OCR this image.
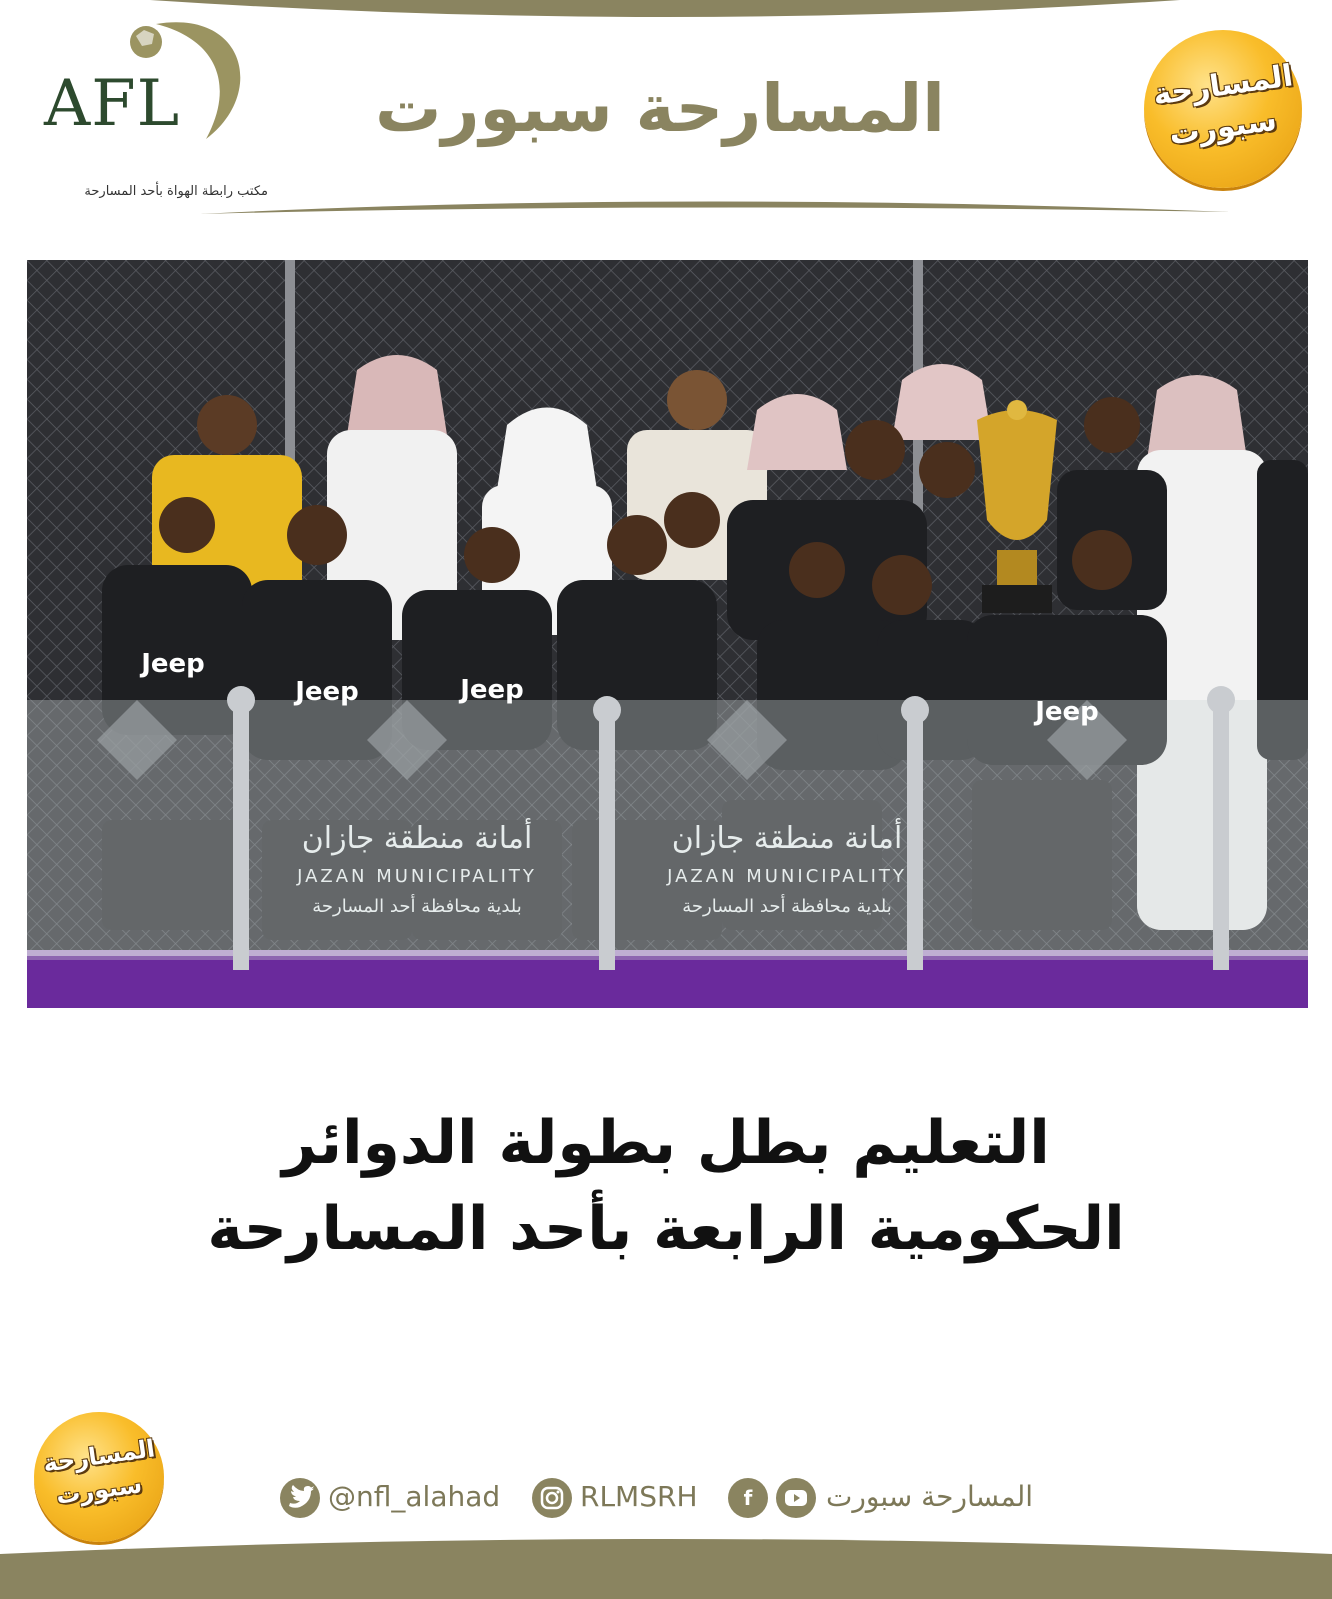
AFL
مكتب رابطة الهواة بأحد المسارحة
المسارحة سبورت	المسارحة
سبورت
Jeep
Jeep	Jeep
Jeep
أمانة منطقة جازان
JAZAN MUNICIPALITY
بلدية محافظة أحد المسارحة
أمانة منطقة جازان
JAZAN MUNICIPALITY
بلدية محافظة أحد المسارحة
التعليم بطل بطولة الدوائر
الحكومية الرابعة بأحد المسارحة
المسارحة
سبورت	@nfl_alahad	RLMSRH	f	المسارحة سبورت
